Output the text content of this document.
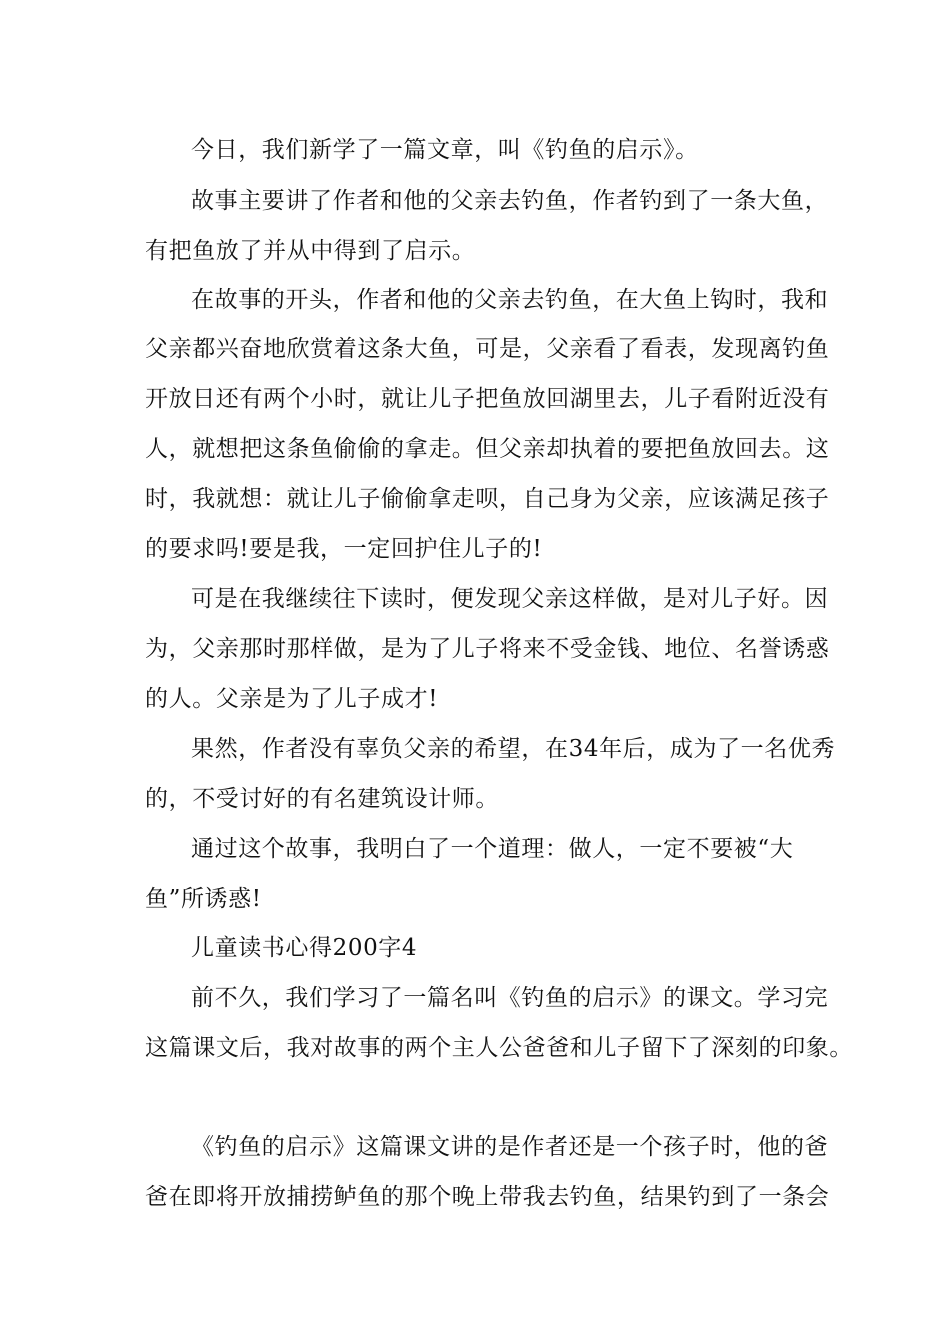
今日，我们新学了一篇文章，叫《钓鱼的启示》。

故事主要讲了作者和他的父亲去钓鱼，作者钓到了一条大鱼，

有把鱼放了并从中得到了启示。

在故事的开头，作者和他的父亲去钓鱼，在大鱼上钩时，我和

父亲都兴奋地欣赏着这条大鱼，可是，父亲看了看表，发现离钓鱼

开放日还有两个小时，就让儿子把鱼放回湖里去，儿子看附近没有

人，就想把这条鱼偷偷的拿走。但父亲却执着的要把鱼放回去。这

时，我就想：就让儿子偷偷拿走呗，自己身为父亲，应该满足孩子

的要求吗!要是我，一定回护住儿子的!

可是在我继续往下读时，便发现父亲这样做，是对儿子好。因

为，父亲那时那样做，是为了儿子将来不受金钱、地位、名誉诱惑

的人。父亲是为了儿子成才!

果然，作者没有辜负父亲的希望，在34年后，成为了一名优秀

的，不受讨好的有名建筑设计师。

通过这个故事，我明白了一个道理：做人，一定不要被“大

鱼”所诱惑!

儿童读书心得200字4

前不久，我们学习了一篇名叫《钓鱼的启示》的课文。学习完

这篇课文后，我对故事的两个主人公爸爸和儿子留下了深刻的印象。

《钓鱼的启示》这篇课文讲的是作者还是一个孩子时，他的爸

爸在即将开放捕捞鲈鱼的那个晚上带我去钓鱼，结果钓到了一条会
